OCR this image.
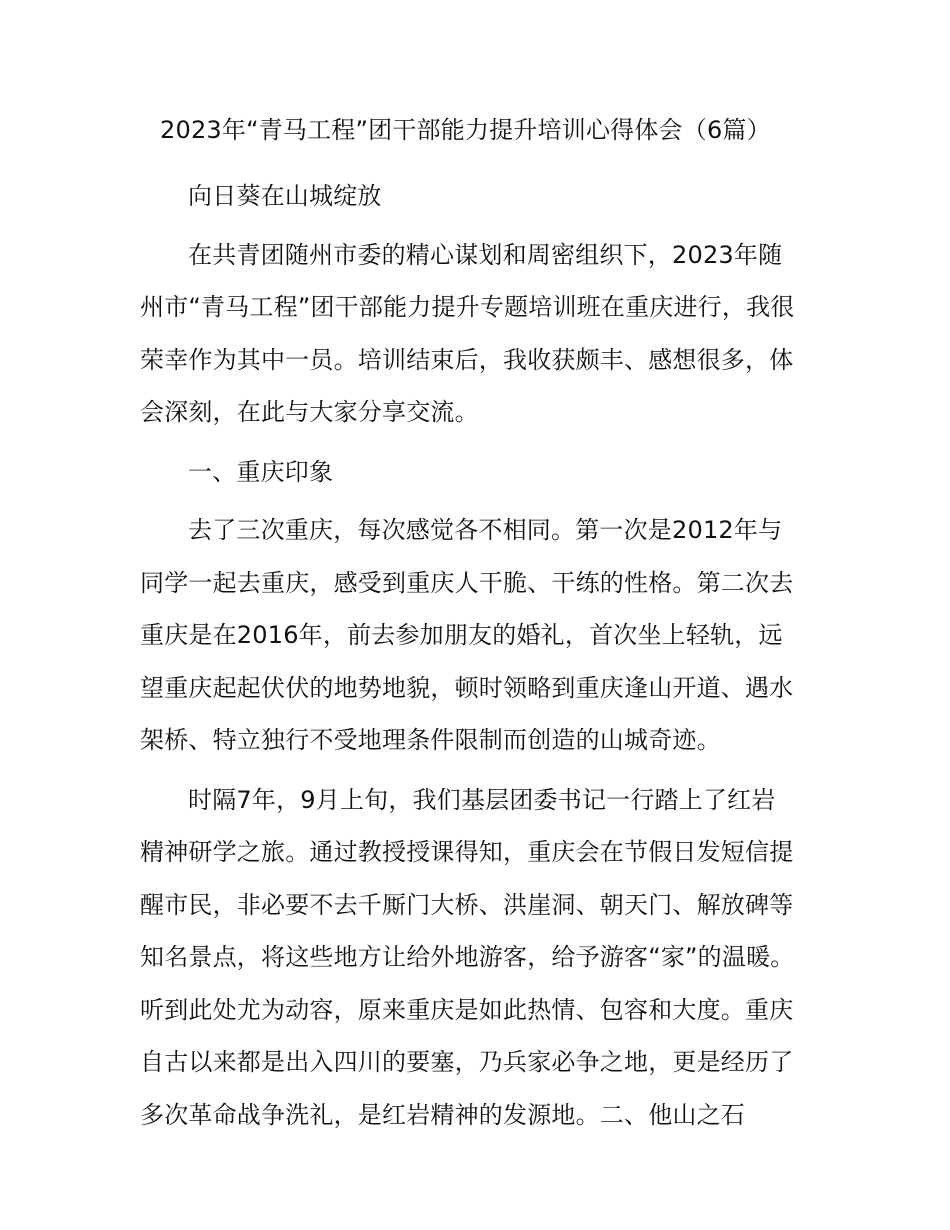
2023年“青马工程”团干部能力提升培训心得体会（6篇）
向日葵在山城绽放
在共青团随州市委的精心谋划和周密组织下，2023年随
州市“青马工程”团干部能力提升专题培训班在重庆进行，我很
荣幸作为其中一员。培训结束后，我收获颇丰、感想很多，体
会深刻，在此与大家分享交流。
一、重庆印象
去了三次重庆，每次感觉各不相同。第一次是2012年与
同学一起去重庆，感受到重庆人干脆、干练的性格。第二次去
重庆是在2016年，前去参加朋友的婚礼，首次坐上轻轨，远
望重庆起起伏伏的地势地貌，顿时领略到重庆逢山开道、遇水
架桥、特立独行不受地理条件限制而创造的山城奇迹。
时隔7年，9月上旬，我们基层团委书记一行踏上了红岩
精神研学之旅。通过教授授课得知，重庆会在节假日发短信提
醒市民，非必要不去千厮门大桥、洪崖洞、朝天门、解放碑等
知名景点，将这些地方让给外地游客，给予游客“家”的温暖。
听到此处尤为动容，原来重庆是如此热情、包容和大度。重庆
自古以来都是出入四川的要塞，乃兵家必争之地，更是经历了
多次革命战争洗礼，是红岩精神的发源地。二、他山之石
